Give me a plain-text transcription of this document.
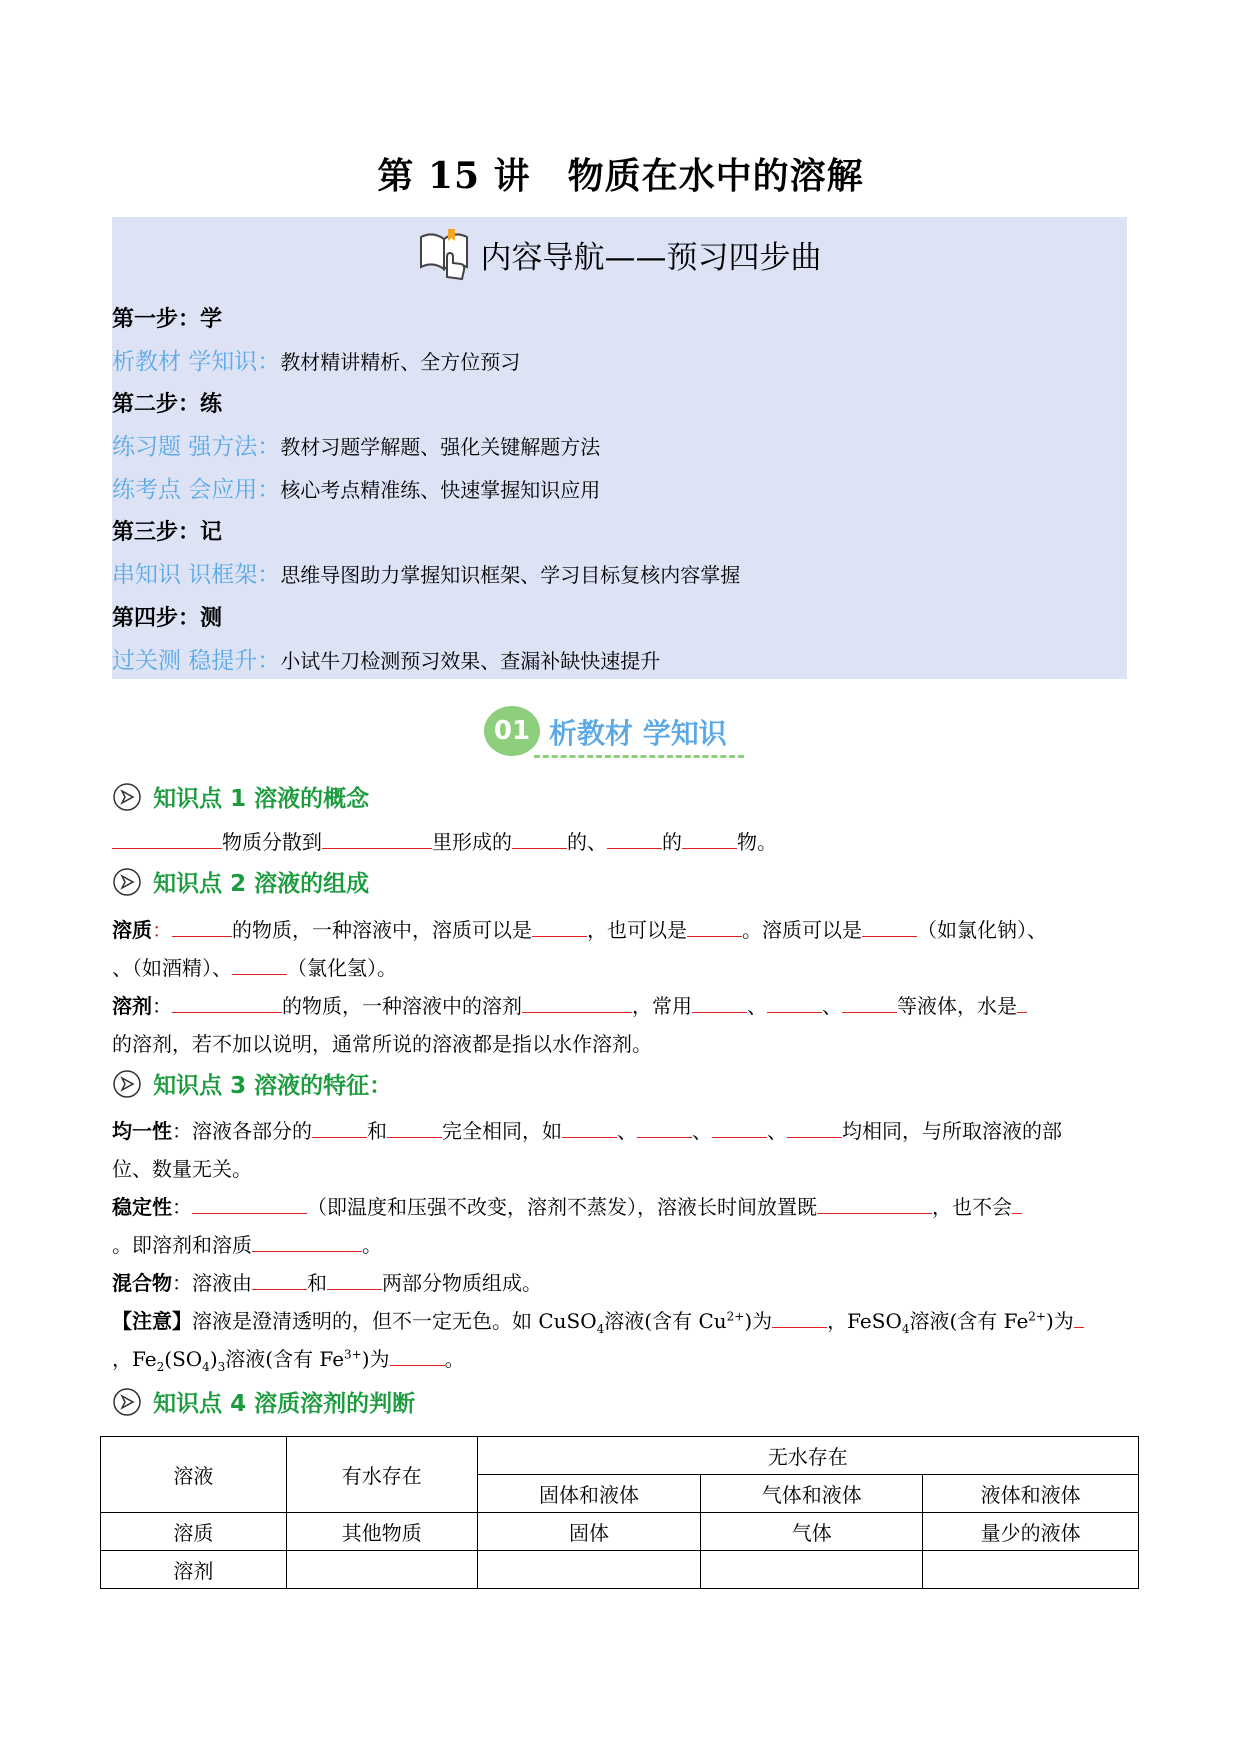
第 15 讲　物质在水中的溶解
内容导航——预习四步曲
第一步：学
析教材 学知识：教材精讲精析、全方位预习
第二步：练
练习题 强方法：教材习题学解题、强化关键解题方法
练考点 会应用：核心考点精准练、快速掌握知识应用
第三步：记
串知识 识框架：思维导图助力掌握知识框架、学习目标复核内容掌握
第四步：测
过关测 稳提升：小试牛刀检测预习效果、查漏补缺快速提升
01 析教材 学知识
知识点 1 溶液的概念
物质分散到	里形成的	的、	的	物。
知识点 2 溶液的组成
溶质：	的物质，一种溶液中，溶质可以是	，也可以是	。溶质可以是	（如氯化钠）、
、（如酒精）、	（氯化氢）。
溶剂：	的物质，一种溶液中的溶剂	，常用	、	、	等液体，水是
的溶剂，若不加以说明，通常所说的溶液都是指以水作溶剂。
知识点 3 溶液的特征：
均一性：溶液各部分的	和	完全相同，如	、	、	、	均相同，与所取溶液的部
位、数量无关。
稳定性：	（即温度和压强不改变，溶剂不蒸发），溶液长时间放置既	，也不会
。即溶剂和溶质	。
混合物：溶液由	和	两部分物质组成。
【注意】溶液是澄清透明的，但不一定无色。如 CuSO$_4$溶液(含有 $Cu^{2+}$)为	，FeSO$_4$溶液(含有 $Fe^{2+}$)为
，$Fe_2(SO_4)_3$溶液(含有 $Fe^{3+}$)为	。
知识点 4 溶质溶剂的判断
溶液	有水存在	无水存在		
		固体和液体	气体和液体	液体和液体
溶质	其他物质	固体	气体	量少的液体
溶剂				
